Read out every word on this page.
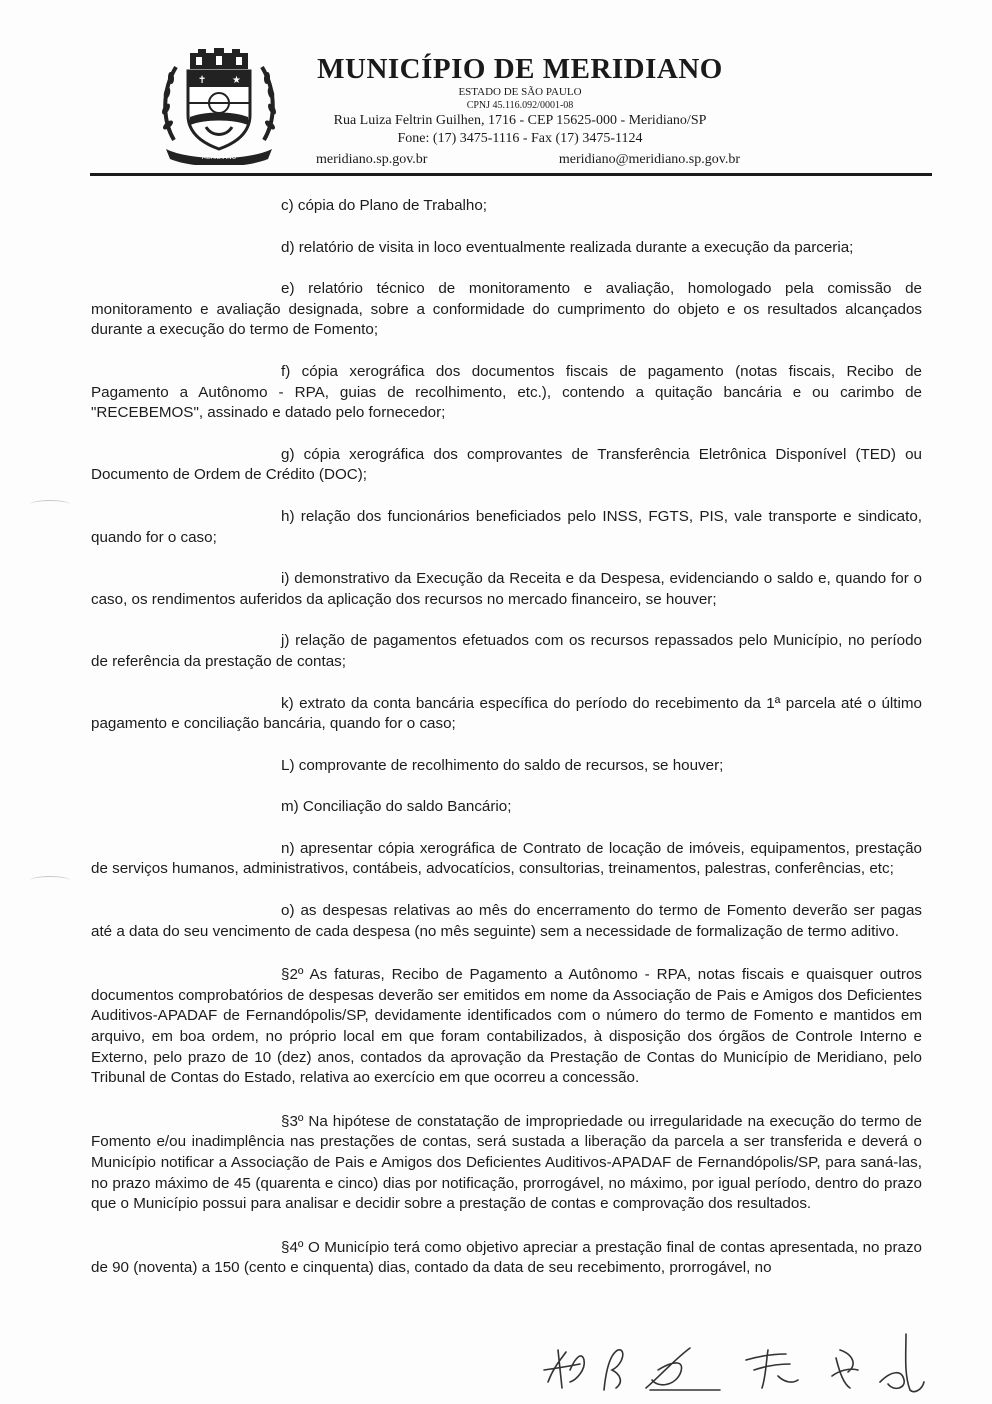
✝	★
MERIDIANO
MUNICÍPIO DE MERIDIANO
ESTADO DE SÃO PAULO
CPNJ 45.116.092/0001-08
Rua Luiza Feltrin Guilhen, 1716 - CEP 15625-000 - Meridiano/SP
Fone: (17) 3475-1116 - Fax (17) 3475-1124
meridiano.sp.gov.br	meridiano@meridiano.sp.gov.br

c) cópia do Plano de Trabalho;

d) relatório de visita in loco eventualmente realizada durante a execução da parceria;

e) relatório técnico de monitoramento e avaliação, homologado pela comissão de monitoramento e avaliação designada, sobre a conformidade do cumprimento do objeto e os resultados alcançados durante a execução do termo de Fomento;

f) cópia xerográfica dos documentos fiscais de pagamento (notas fiscais, Recibo de Pagamento a Autônomo - RPA, guias de recolhimento, etc.), contendo a quitação bancária e ou carimbo de "RECEBEMOS", assinado e datado pelo fornecedor;

g) cópia xerográfica dos comprovantes de Transferência Eletrônica Disponível (TED) ou Documento de Ordem de Crédito (DOC);

h) relação dos funcionários beneficiados pelo INSS, FGTS, PIS, vale transporte e sindicato, quando for o caso;

i) demonstrativo da Execução da Receita e da Despesa, evidenciando o saldo e, quando for o caso, os rendimentos auferidos da aplicação dos recursos no mercado financeiro, se houver;

j) relação de pagamentos efetuados com os recursos repassados pelo Município, no período de referência da prestação de contas;

k) extrato da conta bancária específica do período do recebimento da 1ª parcela até o último pagamento e conciliação bancária, quando for o caso;

L) comprovante de recolhimento do saldo de recursos, se houver;

m) Conciliação do saldo Bancário;

n) apresentar cópia xerográfica de Contrato de locação de imóveis, equipamentos, prestação de serviços humanos, administrativos, contábeis, advocatícios, consultorias, treinamentos, palestras, conferências, etc;

o) as despesas relativas ao mês do encerramento do termo de Fomento deverão ser pagas até a data do seu vencimento de cada despesa (no mês seguinte) sem a necessidade de formalização de termo aditivo.

§2º As faturas, Recibo de Pagamento a Autônomo - RPA, notas fiscais e quaisquer outros documentos comprobatórios de despesas deverão ser emitidos em nome da Associação de Pais e Amigos dos Deficientes Auditivos-APADAF de Fernandópolis/SP, devidamente identificados com o número do termo de Fomento e mantidos em arquivo, em boa ordem, no próprio local em que foram contabilizados, à disposição dos órgãos de Controle Interno e Externo, pelo prazo de 10 (dez) anos, contados da aprovação da Prestação de Contas do Município de Meridiano, pelo Tribunal de Contas do Estado, relativa ao exercício em que ocorreu a concessão.

§3º Na hipótese de constatação de impropriedade ou irregularidade na execução do termo de Fomento e/ou inadimplência nas prestações de contas, será sustada a liberação da parcela a ser transferida e deverá o Município notificar a Associação de Pais e Amigos dos Deficientes Auditivos-APADAF de Fernandópolis/SP, para saná-las, no prazo máximo de 45 (quarenta e cinco) dias por notificação, prorrogável, no máximo, por igual período, dentro do prazo que o Município possui para analisar e decidir sobre a prestação de contas e comprovação dos resultados.

§4º O Município terá como objetivo apreciar a prestação final de contas apresentada, no prazo de 90 (noventa) a 150 (cento e cinquenta) dias, contado da data de seu recebimento, prorrogável, no
